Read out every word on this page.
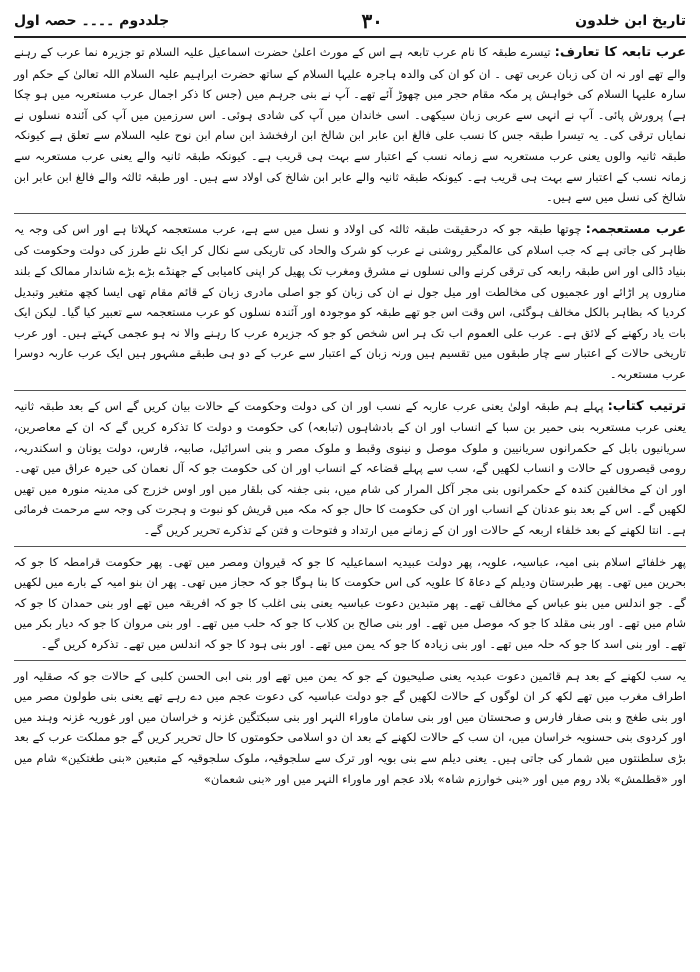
تاریخ ابن خلدون
۳۰
جلددوم ۔۔۔۔ حصہ اول

عرب تابعہ کا تعارف:تیسرے طبقہ کا نام عرب تابعہ ہے اس کے مورث اعلیٰ حضرت اسماعیل علیہ السلام تو جزیرہ نما عرب کے رہنے والے تھے اور نہ ان کی زبان عربی تھی ۔ ان کو ان کی والدہ ہاجرہ علیہا السلام کے ساتھ حضرت ابراہیم علیہ السلام اللہ تعالیٰ کے حکم اور سارہ علیہا السلام کی خواہش پر مکہ مقام حجر میں چھوڑ آئے تھے۔ آپ نے بنی جرہم میں (جس کا ذکر اجمال عرب مستعربہ میں ہو چکا ہے) پرورش پائی۔ آپ نے انہی سے عربی زبان سیکھی۔ اسی خاندان میں آپ کی شادی ہوئی۔ اس سرزمین میں آپ کی آئندہ نسلوں نے نمایاں ترقی کی۔ یہ تیسرا طبقہ جس کا نسب علی فالغ ابن عابر ابن شالخ ابن ارفخشذ ابن سام ابن نوح علیہ السلام سے تعلق ہے کیونکہ طبقہ ثانیہ والوں یعنی عرب مستعربہ سے زمانہ نسب کے اعتبار سے بہت ہی قریب ہے۔ کیونکہ طبقہ ثانیہ والے یعنی عرب مستعربہ سے زمانہ نسب کے اعتبار سے بہت ہی قریب ہے۔ کیونکہ طبقہ ثانیہ والے عابر ابن شالخ کی اولاد سے ہیں۔ اور طبقہ ثالثہ والے فالغ ابن عابر ابن شالخ کی نسل میں سے ہیں۔

عرب مستعجمہ:چوتھا طبقہ جو کہ درحقیقت طبقہ ثالثہ کی اولاد و نسل میں سے ہے، عرب مستعجمہ کہلاتا ہے اور اس کی وجہ یہ ظاہر کی جاتی ہے کہ جب اسلام کی عالمگیر روشنی نے عرب کو شرک والحاد کی تاریکی سے نکال کر ایک نئے طرز کی دولت وحکومت کی بنیاد ڈالی اور اس طبقہ رابعہ کی ترقی کرنے والی نسلوں نے مشرق ومغرب تک پھیل کر اپنی کامیابی کے جھنڈے بڑے بڑے شاندار ممالک کے بلند مناروں پر اڑائے اور عجمیوں کی مخالطت اور میل جول نے ان کی زبان کو جو اصلی مادری زبان کے قائم مقام تھی ایسا کچھ متغیر وتبدیل کردیا کہ بظاہر بالکل مخالف ہوگئی، اس وقت اس جو تھے طبقہ کو موجودہ اور آئندہ نسلوں کو عرب مستعجمہ سے تعبیر کیا گیا۔ لیکن ایک بات یاد رکھنے کے لائق ہے۔ عرب علی العموم اب تک ہر اس شخص کو جو کہ جزیرہ عرب کا رہنے والا نہ ہو عجمی کہتے ہیں۔ اور عرب تاریخی حالات کے اعتبار سے چار طبقوں میں تقسیم ہیں ورنہ زبان کے اعتبار سے عرب کے دو ہی طبقے مشہور ہیں ایک عرب عاربہ دوسرا عرب مستعربہ۔

ترتیب کتاب:پہلے ہم طبقہ اولیٰ یعنی عرب عاربہ کے نسب اور ان کی دولت وحکومت کے حالات بیان کریں گے اس کے بعد طبقہ ثانیہ یعنی عرب مستعربہ بنی حمیر بن سبا کے انساب اور ان کے بادشاہوں (تبابعہ) کی حکومت و دولت کا تذکرہ کریں گے کہ ان کے معاصرین، سریانیوں بابل کے حکمرانوں سریانیین و ملوک موصل و نینوی وقبط و ملوک مصر و بنی اسرائیل، صابیہ، فارس، دولت یونان و اسکندریہ، رومی قیصروں کے حالات و انساب لکھیں گے، سب سے پہلے قضاعہ کے انساب اور ان کی حکومت جو کہ آل نعمان کی حیرہ عراق میں تھی۔ اور ان کے مخالفین کندہ کے حکمرانوں بنی مجر آکل المرار کی شام میں، بنی جفنہ کی بلقار میں اور اوس خزرج کی مدینہ منورہ میں تھیں لکھیں گے۔ اس کے بعد بنو عدنان کے انساب اور ان کی حکومت کا حال جو کہ مکہ میں قریش کو نبوت و ہجرت کی وجہ سے مرحمت فرمائی ہے۔ انتا لکھنے کے بعد خلفاء اربعہ کے حالات اور ان کے زمانے میں ارتداد و فتوحات و فتن کے تذکرے تحریر کریں گے۔

پھر خلفائے اسلام بنی امیہ، عباسیہ، علویہ، پھر دولت عبیدیہ اسماعیلیہ کا جو کہ قیروان ومصر میں تھی۔ پھر حکومت قرامطہ کا جو کہ بحرین میں تھی۔ پھر طبرستان ودیلم کے دعاۃ کا علویہ کی اس حکومت کا بنا ہوگا جو کہ حجاز میں تھی۔ پھر ان بنو امیہ کے بارے میں لکھیں گے۔ جو اندلس میں بنو عباس کے مخالف تھے۔ پھر متبدین دعوت عباسیہ یعنی بنی اغلب کا جو کہ افریقہ میں تھے اور بنی حمدان کا جو کہ شام میں تھے۔ اور بنی مقلد کا جو کہ موصل میں تھے۔ اور بنی صالح بن کلاب کا جو کہ حلب میں تھے۔ اور بنی مروان کا جو کہ دیار بکر میں تھے۔ اور بنی اسد کا جو کہ حلہ میں تھے۔ اور بنی زیادہ کا جو کہ یمن میں تھے۔ اور بنی ہود کا جو کہ اندلس میں تھے۔ تذکرہ کریں گے۔

یہ سب لکھنے کے بعد ہم قائمین دعوت عبدیہ یعنی صلیحیون کے جو کہ یمن میں تھے اور بنی ابی الحسن کلبی کے حالات جو کہ صقلیہ اور اطراف مغرب میں تھے لکھ کر ان لوگوں کے حالات لکھیں گے جو دولت عباسیہ کی دعوت عجم میں دے رہے تھے یعنی بنی طولون مصر میں اور بنی طغج و بنی صفار فارس و صحستان میں اور بنی سامان ماوراء النہر اور بنی سبکتگین غزنہ و خراسان میں اور غوریہ غزنہ وہند میں اور کردوی بنی حسنویہ خراسان میں، ان سب کے حالات لکھنے کے بعد ان دو اسلامی حکومتوں کا حال تحریر کریں گے جو مملکت عرب کے بعد بڑی سلطنتوں میں شمار کی جاتی ہیں۔ یعنی دیلم سے بنی بویہ اور ترک سے سلجوقیہ، ملوک سلجوقیہ کے متبعین «بنی طغتکین» شام میں اور «قطلمش» بلاد روم میں اور «بنی خوارزم شاہ» بلاد عجم اور ماوراء النہر میں اور «بنی شعمان»
